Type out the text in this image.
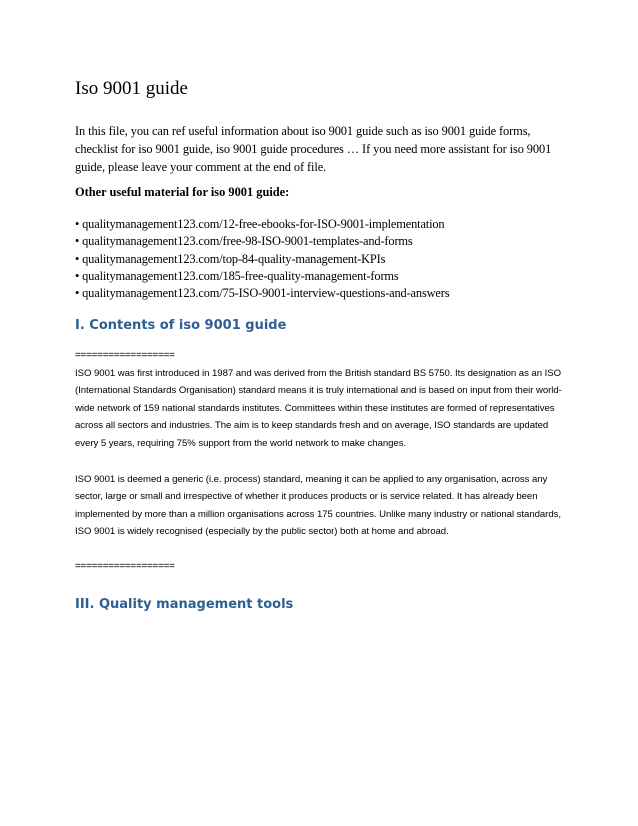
Iso 9001 guide

In this file, you can ref useful information about iso 9001 guide such as iso 9001 guide forms, checklist for iso 9001 guide, iso 9001 guide procedures … If you need more assistant for iso 9001 guide, please leave your comment at the end of file.

Other useful material for iso 9001 guide:

• qualitymanagement123.com/12-free-ebooks-for-ISO-9001-implementation
• qualitymanagement123.com/free-98-ISO-9001-templates-and-forms
• qualitymanagement123.com/top-84-quality-management-KPIs
• qualitymanagement123.com/185-free-quality-management-forms
• qualitymanagement123.com/75-ISO-9001-interview-questions-and-answers
I. Contents of iso 9001 guide

==================

ISO 9001 was first introduced in 1987 and was derived from the British standard BS 5750. Its designation as an ISO (International Standards Organisation) standard means it is truly international and is based on input from their world-wide network of 159 national standards institutes. Committees within these institutes are formed of representatives across all sectors and industries. The aim is to keep standards fresh and on average, ISO standards are updated every 5 years, requiring 75% support from the world network to make changes.

ISO 9001 is deemed a generic (i.e. process) standard, meaning it can be applied to any organisation, across any sector, large or small and irrespective of whether it produces products or is service related. It has already been implemented by more than a million organisations across 175 countries. Unlike many industry or national standards, ISO 9001 is widely recognised (especially by the public sector) both at home and abroad.

==================

III. Quality management tools
